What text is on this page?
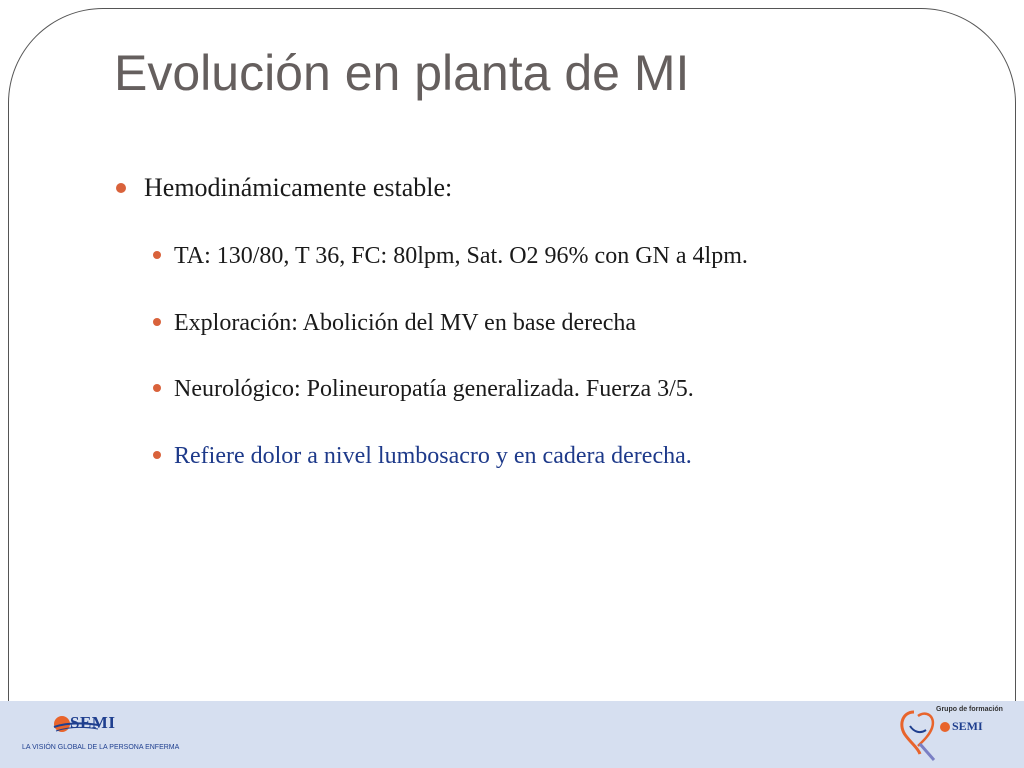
Evolución en planta de MI
Hemodinámicamente estable:
TA: 130/80, T 36, FC: 80lpm, Sat. O2 96% con GN a 4lpm.
Exploración: Abolición del MV en base derecha
Neurológico: Polineuropatía generalizada. Fuerza 3/5.
Refiere dolor a nivel lumbosacro y en cadera derecha.
SEMI
LA VISIÓN GLOBAL DE LA PERSONA ENFERMA
Grupo de formación
SEMI
